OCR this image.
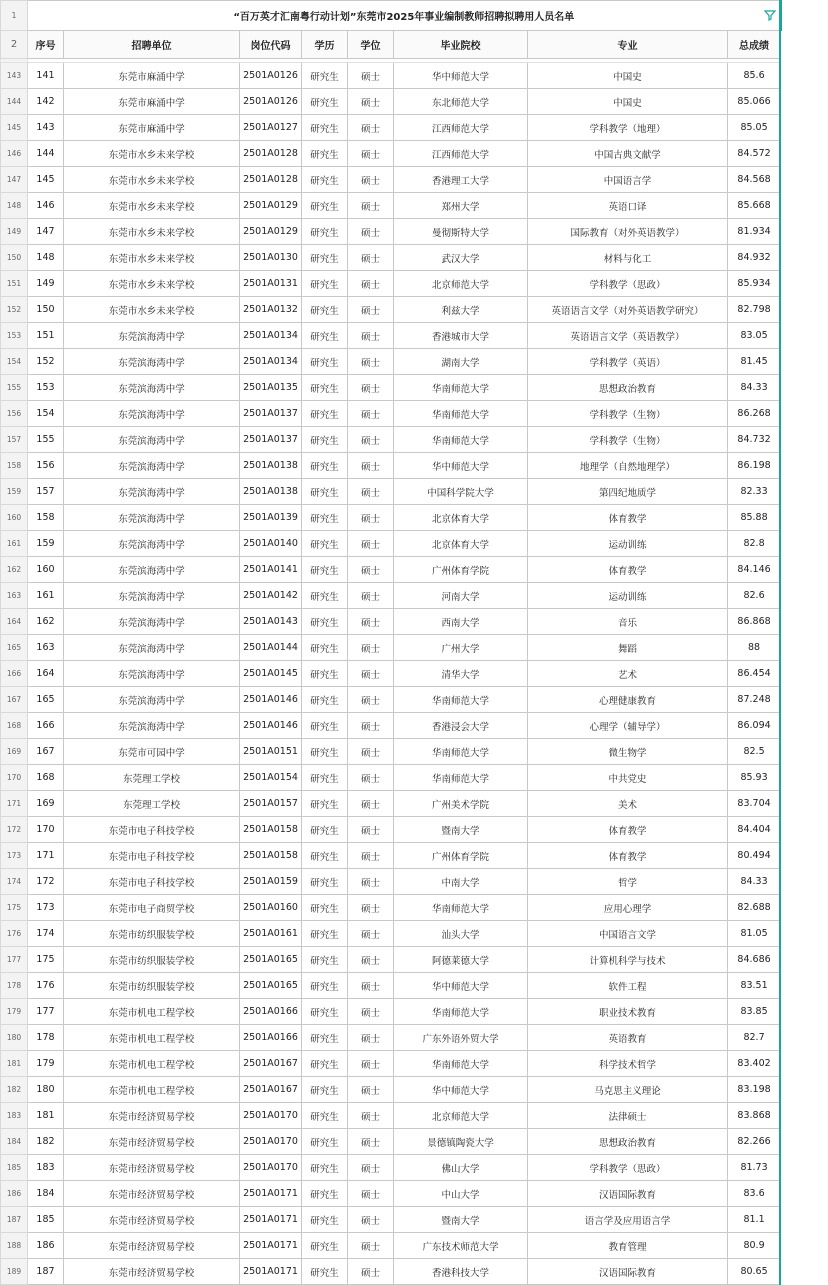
1	“百万英才汇南粤行动计划”东莞市2025年事业编制教师招聘拟聘用人员名单							

2	序号	招聘单位	岗位代码	学历	学位	毕业院校	专业	总成绩

143	141	东莞市麻涌中学	2501A0126	研究生	硕士	华中师范大学	中国史	85.6
144	142	东莞市麻涌中学	2501A0126	研究生	硕士	东北师范大学	中国史	85.066
145	143	东莞市麻涌中学	2501A0127	研究生	硕士	江西师范大学	学科教学（地理）	85.05
146	144	东莞市水乡未来学校	2501A0128	研究生	硕士	江西师范大学	中国古典文献学	84.572
147	145	东莞市水乡未来学校	2501A0128	研究生	硕士	香港理工大学	中国语言学	84.568
148	146	东莞市水乡未来学校	2501A0129	研究生	硕士	郑州大学	英语口译	85.668
149	147	东莞市水乡未来学校	2501A0129	研究生	硕士	曼彻斯特大学	国际教育（对外英语教学）	81.934
150	148	东莞市水乡未来学校	2501A0130	研究生	硕士	武汉大学	材料与化工	84.932
151	149	东莞市水乡未来学校	2501A0131	研究生	硕士	北京师范大学	学科教学（思政）	85.934
152	150	东莞市水乡未来学校	2501A0132	研究生	硕士	利兹大学	英语语言文学（对外英语教学研究）	82.798
153	151	东莞滨海湾中学	2501A0134	研究生	硕士	香港城市大学	英语语言文学（英语教学）	83.05
154	152	东莞滨海湾中学	2501A0134	研究生	硕士	湖南大学	学科教学（英语）	81.45
155	153	东莞滨海湾中学	2501A0135	研究生	硕士	华南师范大学	思想政治教育	84.33
156	154	东莞滨海湾中学	2501A0137	研究生	硕士	华南师范大学	学科教学（生物）	86.268
157	155	东莞滨海湾中学	2501A0137	研究生	硕士	华南师范大学	学科教学（生物）	84.732
158	156	东莞滨海湾中学	2501A0138	研究生	硕士	华中师范大学	地理学（自然地理学）	86.198
159	157	东莞滨海湾中学	2501A0138	研究生	硕士	中国科学院大学	第四纪地质学	82.33
160	158	东莞滨海湾中学	2501A0139	研究生	硕士	北京体育大学	体育教学	85.88
161	159	东莞滨海湾中学	2501A0140	研究生	硕士	北京体育大学	运动训练	82.8
162	160	东莞滨海湾中学	2501A0141	研究生	硕士	广州体育学院	体育教学	84.146
163	161	东莞滨海湾中学	2501A0142	研究生	硕士	河南大学	运动训练	82.6
164	162	东莞滨海湾中学	2501A0143	研究生	硕士	西南大学	音乐	86.868
165	163	东莞滨海湾中学	2501A0144	研究生	硕士	广州大学	舞蹈	88
166	164	东莞滨海湾中学	2501A0145	研究生	硕士	清华大学	艺术	86.454
167	165	东莞滨海湾中学	2501A0146	研究生	硕士	华南师范大学	心理健康教育	87.248
168	166	东莞滨海湾中学	2501A0146	研究生	硕士	香港浸会大学	心理学（辅导学）	86.094
169	167	东莞市可园中学	2501A0151	研究生	硕士	华南师范大学	微生物学	82.5
170	168	东莞理工学校	2501A0154	研究生	硕士	华南师范大学	中共党史	85.93
171	169	东莞理工学校	2501A0157	研究生	硕士	广州美术学院	美术	83.704
172	170	东莞市电子科技学校	2501A0158	研究生	硕士	暨南大学	体育教学	84.404
173	171	东莞市电子科技学校	2501A0158	研究生	硕士	广州体育学院	体育教学	80.494
174	172	东莞市电子科技学校	2501A0159	研究生	硕士	中南大学	哲学	84.33
175	173	东莞市电子商贸学校	2501A0160	研究生	硕士	华南师范大学	应用心理学	82.688
176	174	东莞市纺织服装学校	2501A0161	研究生	硕士	汕头大学	中国语言文学	81.05
177	175	东莞市纺织服装学校	2501A0165	研究生	硕士	阿德莱德大学	计算机科学与技术	84.686
178	176	东莞市纺织服装学校	2501A0165	研究生	硕士	华中师范大学	软件工程	83.51
179	177	东莞市机电工程学校	2501A0166	研究生	硕士	华南师范大学	职业技术教育	83.85
180	178	东莞市机电工程学校	2501A0166	研究生	硕士	广东外语外贸大学	英语教育	82.7
181	179	东莞市机电工程学校	2501A0167	研究生	硕士	华南师范大学	科学技术哲学	83.402
182	180	东莞市机电工程学校	2501A0167	研究生	硕士	华中师范大学	马克思主义理论	83.198
183	181	东莞市经济贸易学校	2501A0170	研究生	硕士	北京师范大学	法律硕士	83.868
184	182	东莞市经济贸易学校	2501A0170	研究生	硕士	景德镇陶瓷大学	思想政治教育	82.266
185	183	东莞市经济贸易学校	2501A0170	研究生	硕士	佛山大学	学科教学（思政）	81.73
186	184	东莞市经济贸易学校	2501A0171	研究生	硕士	中山大学	汉语国际教育	83.6
187	185	东莞市经济贸易学校	2501A0171	研究生	硕士	暨南大学	语言学及应用语言学	81.1
188	186	东莞市经济贸易学校	2501A0171	研究生	硕士	广东技术师范大学	教育管理	80.9
189	187	东莞市经济贸易学校	2501A0171	研究生	硕士	香港科技大学	汉语国际教育	80.65
